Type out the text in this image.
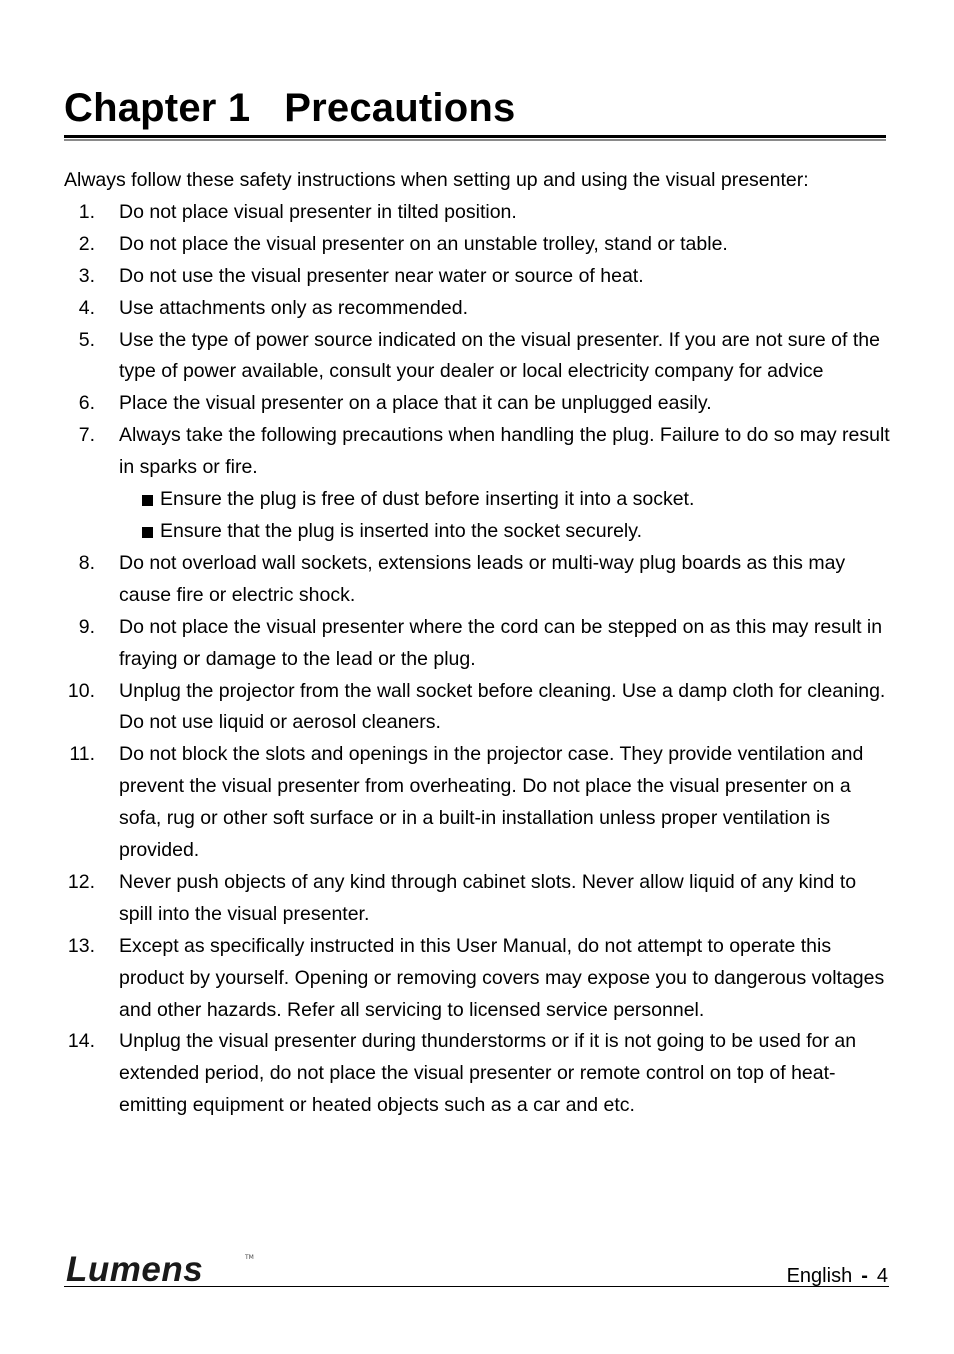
Chapter 1 Precautions

Always follow these safety instructions when setting up and using the visual presenter:

1. Do not place visual presenter in tilted position.
2. Do not place the visual presenter on an unstable trolley, stand or table.
3. Do not use the visual presenter near water or source of heat.
4. Use attachments only as recommended.
5. Use the type of power source indicated on the visual presenter. If you are not sure of the type of power available, consult your dealer or local electricity company for advice
6. Place the visual presenter on a place that it can be unplugged easily.
7. Always take the following precautions when handling the plug. Failure to do so may result in sparks or fire.
Ensure the plug is free of dust before inserting it into a socket.
Ensure that the plug is inserted into the socket securely.
8. Do not overload wall sockets, extensions leads or multi-way plug boards as this may cause fire or electric shock.
9. Do not place the visual presenter where the cord can be stepped on as this may result in fraying or damage to the lead or the plug.
10. Unplug the projector from the wall socket before cleaning. Use a damp cloth for cleaning. Do not use liquid or aerosol cleaners.
11. Do not block the slots and openings in the projector case. They provide ventilation and prevent the visual presenter from overheating. Do not place the visual presenter on a sofa, rug or other soft surface or in a built-in installation unless proper ventilation is provided.
12. Never push objects of any kind through cabinet slots. Never allow liquid of any kind to spill into the visual presenter.
13. Except as specifically instructed in this User Manual, do not attempt to operate this product by yourself. Opening or removing covers may expose you to dangerous voltages and other hazards. Refer all servicing to licensed service personnel.
14. Unplug the visual presenter during thunderstorms or if it is not going to be used for an extended period, do not place the visual presenter or remote control on top of heat-emitting equipment or heated objects such as a car and etc.
Lumens	TM
English - 4
